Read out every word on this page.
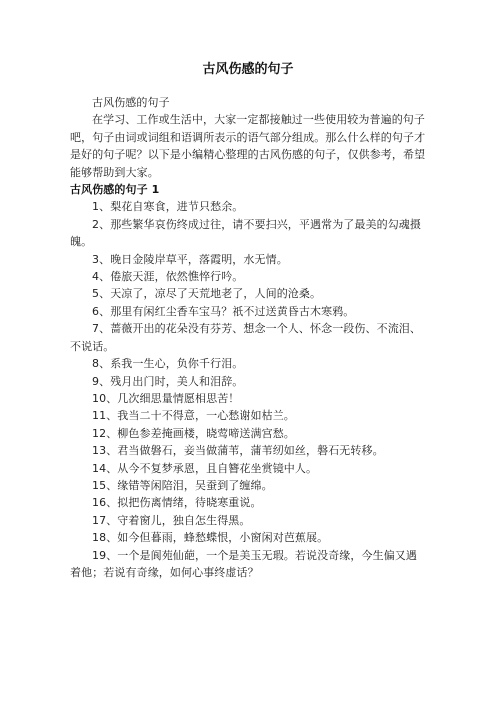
古风伤感的句子

古风伤感的句子

在学习、工作或生活中，大家一定都接触过一些使用较为普遍的句子吧，句子由词或词组和语调所表示的语气部分组成。那么什么样的句子才是好的句子呢？以下是小编精心整理的古风伤感的句子，仅供参考，希望能够帮助到大家。

古风伤感的句子 1

1、梨花自寒食，进节只愁余。

2、那些繁华哀伤终成过往，请不要扫兴，平遇常为了最美的勾魂摄魄。

3、晚日金陵岸草平，落霞明，水无情。

4、倦旅天涯，依然憔悴行吟。

5、天凉了，凉尽了天荒地老了，人间的沧桑。

6、那里有闲红尘香车宝马？祇不过送黄昏古木寒鸦。

7、蔷薇开出的花朵没有芬芳、想念一个人、怀念一段伤、不流泪、不说话。

8、系我一生心，负你千行泪。

9、残月出门时，美人和泪辞。

10、几次细思量情愿相思苦！

11、我当二十不得意，一心愁谢如枯兰。

12、柳色参差掩画楼，晓莺啼送满宫愁。

13、君当做磐石，妾当做蒲苇，蒲苇纫如丝，磐石无转移。

14、从今不复梦承恩，且自簪花坐赏镜中人。

15、缘错等闲陪泪，吴蚕到了缠绵。

16、拟把伤离情绪，待晓寒重说。

17、守着窗儿，独自怎生得黑。

18、如今但暮雨，蜂愁蝶恨，小窗闲对芭蕉展。

19、一个是阆苑仙葩，一个是美玉无瑕。若说没奇缘，今生偏又遇着他；若说有奇缘，如何心事终虚话？
